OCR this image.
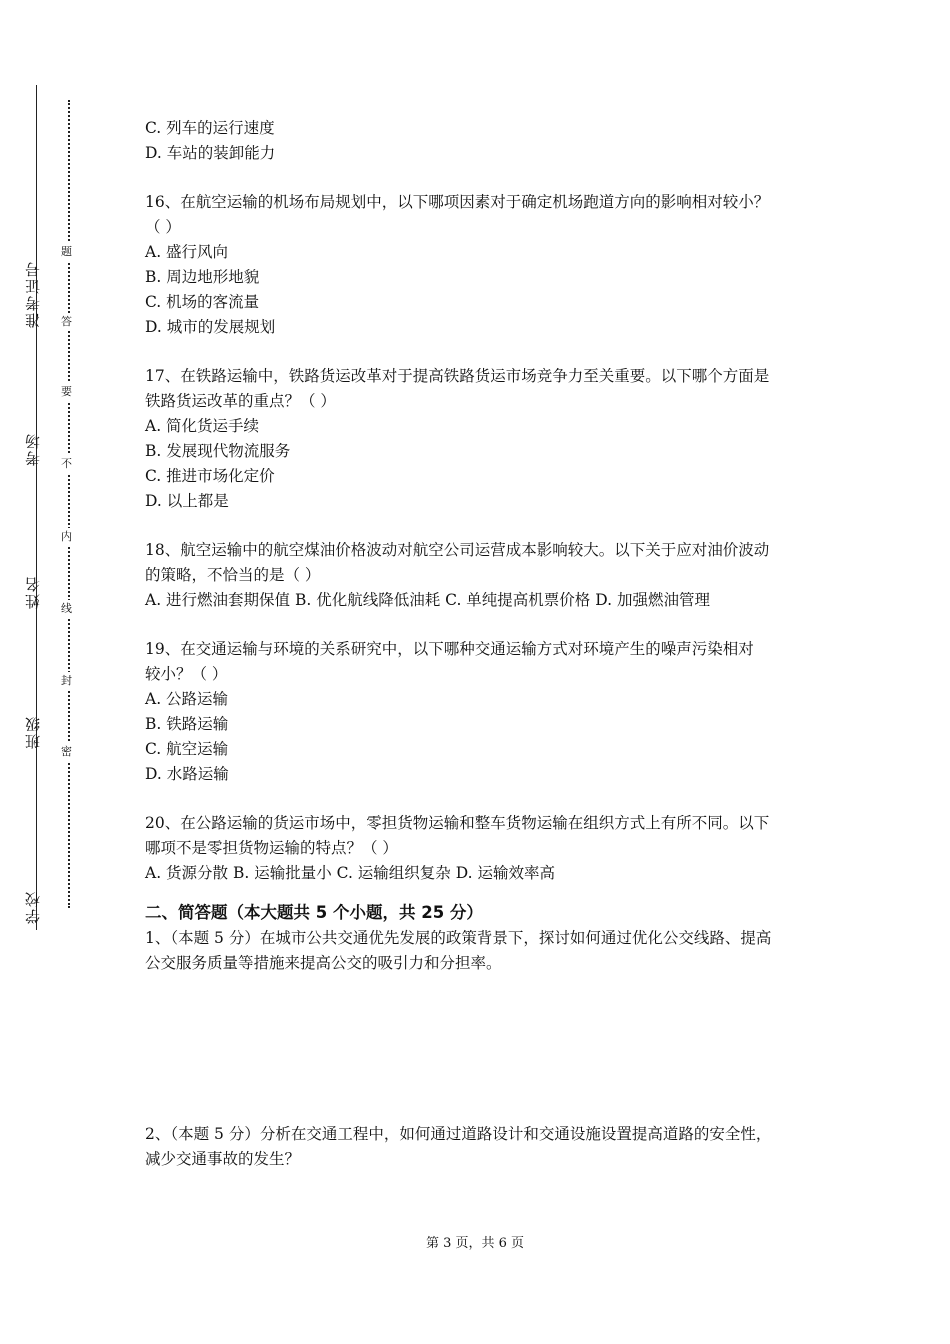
准考证号
考场
姓名
班级
学校
题
答
要
不
内
线
封
密

C. 列车的运行速度

D. 车站的装卸能力

16、在航空运输的机场布局规划中，以下哪项因素对于确定机场跑道方向的影响相对较小？

（ ）

A. 盛行风向

B. 周边地形地貌

C. 机场的客流量

D. 城市的发展规划

17、在铁路运输中，铁路货运改革对于提高铁路货运市场竞争力至关重要。以下哪个方面是

铁路货运改革的重点？（ ）

A. 简化货运手续

B. 发展现代物流服务

C. 推进市场化定价

D. 以上都是

18、航空运输中的航空煤油价格波动对航空公司运营成本影响较大。以下关于应对油价波动

的策略，不恰当的是（ ）

A. 进行燃油套期保值 B. 优化航线降低油耗 C. 单纯提高机票价格 D. 加强燃油管理

19、在交通运输与环境的关系研究中，以下哪种交通运输方式对环境产生的噪声污染相对

较小？（ ）

A. 公路运输

B. 铁路运输

C. 航空运输

D. 水路运输

20、在公路运输的货运市场中，零担货物运输和整车货物运输在组织方式上有所不同。以下

哪项不是零担货物运输的特点？（ ）

A. 货源分散 B. 运输批量小 C. 运输组织复杂 D. 运输效率高

二、简答题（本大题共 5 个小题，共 25 分）

1、（本题 5 分）在城市公共交通优先发展的政策背景下，探讨如何通过优化公交线路、提高

公交服务质量等措施来提高公交的吸引力和分担率。

2、（本题 5 分）分析在交通工程中，如何通过道路设计和交通设施设置提高道路的安全性，

减少交通事故的发生？

第 3 页，共 6 页
